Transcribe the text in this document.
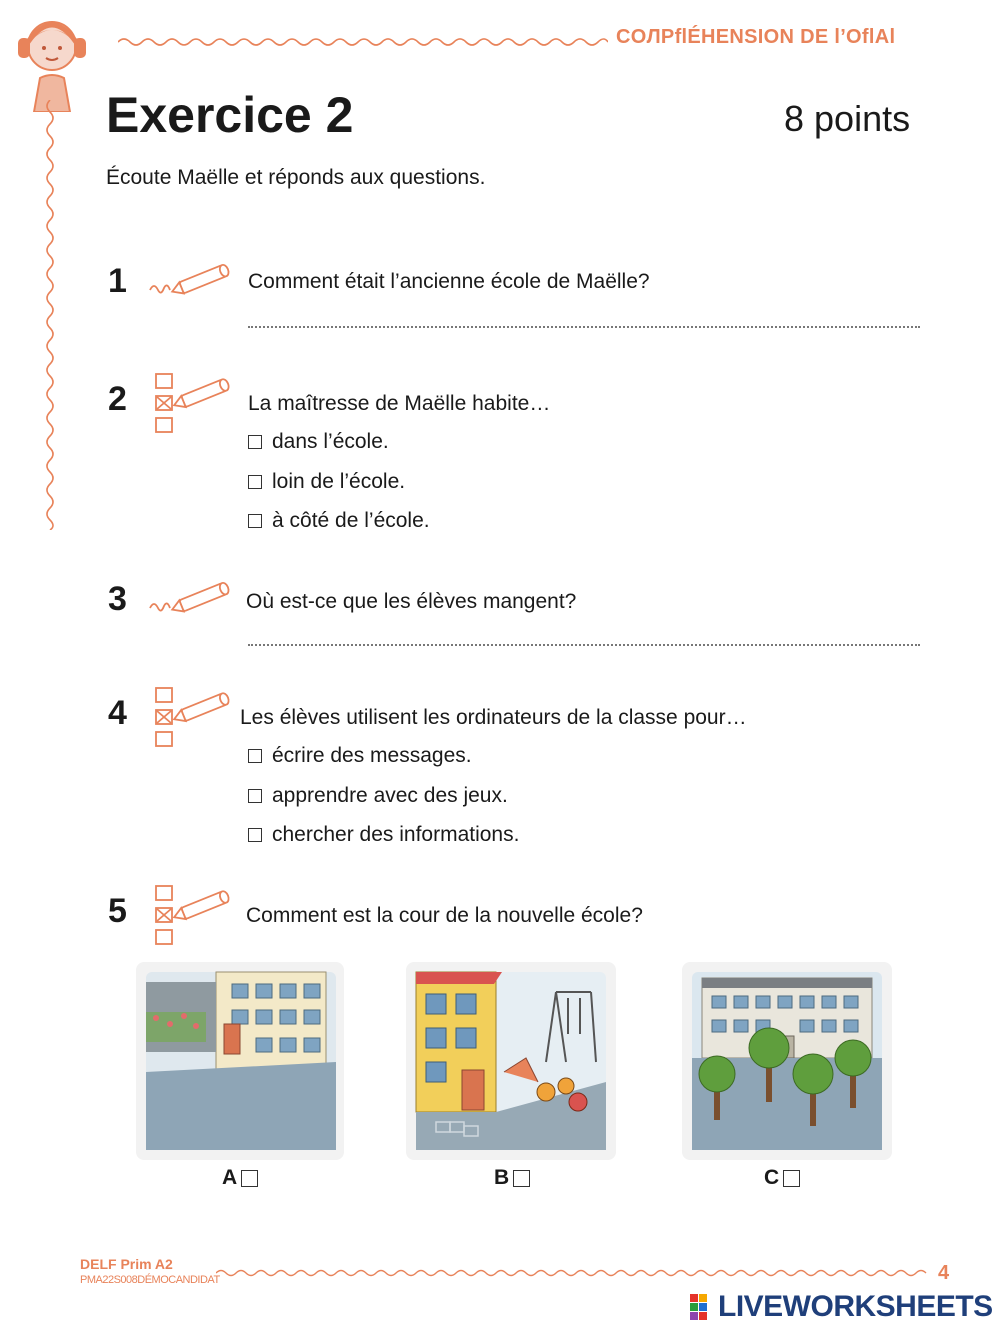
COЛPflÉHENSION DE l’OflAl
Exercice 2	8 points
Écoute Maëlle et réponds aux questions.
1	Comment était l’ancienne école de Maëlle?
2	La maîtresse de Maëlle habite…
dans l’école.
loin de l’école.
à côté de l’école.
3	Où est-ce que les élèves mangent?
4	Les élèves utilisent les ordinateurs de la classe pour…
écrire des messages.
apprendre avec des jeux.
chercher des informations.
5	Comment est la cour de la nouvelle école?
A	B	C
DELF Prim A2
PMA22S008DÉMOCANDIDAT	4
LIVEWORKSHEETS
